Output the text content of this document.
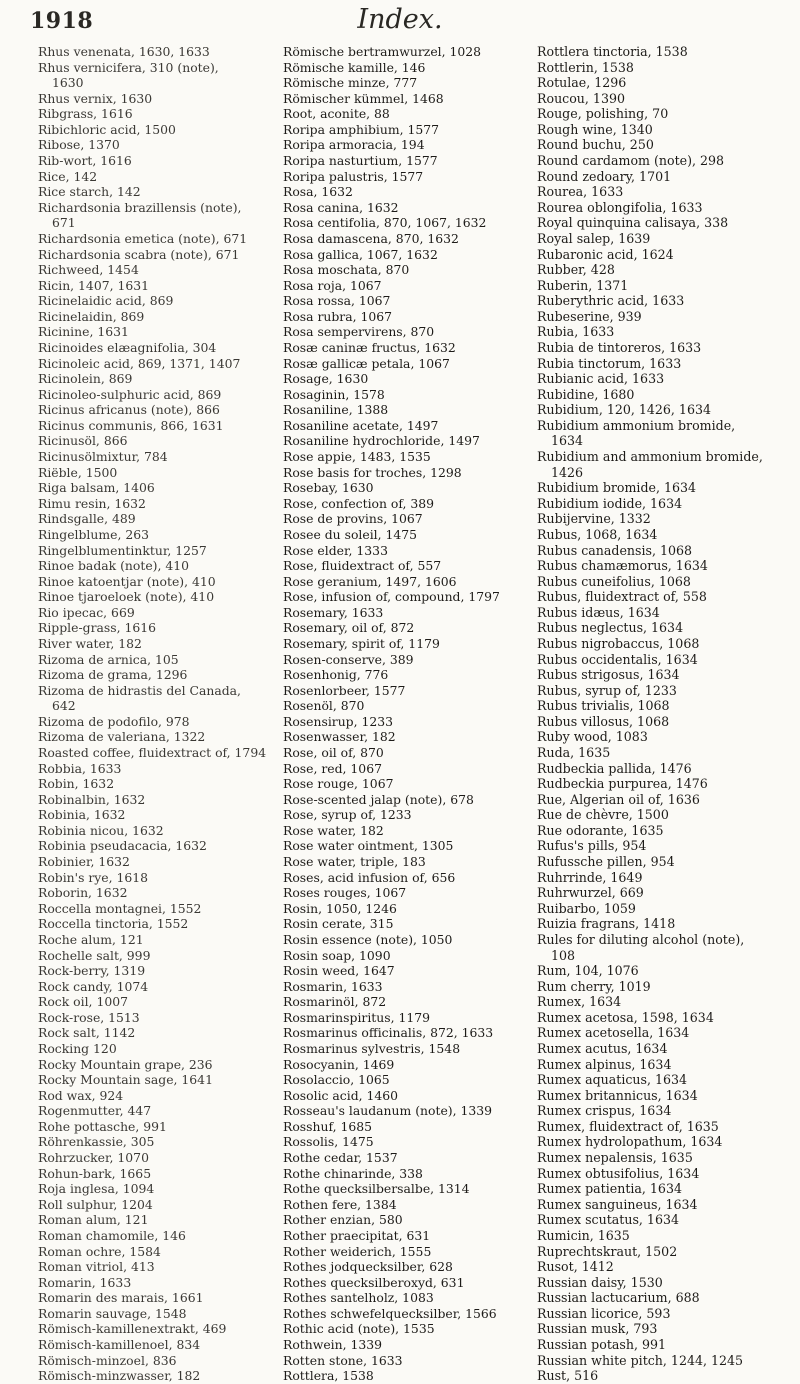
1918	Index.
Rhus venenata, 1630, 1633
Rhus vernicifera, 310 (note),
1630
Rhus vernix, 1630
Ribgrass, 1616
Ribichloric acid, 1500
Ribose, 1370
Rib-wort, 1616
Rice, 142
Rice starch, 142
Richardsonia brazillensis (note),
671
Richardsonia emetica (note), 671
Richardsonia scabra (note), 671
Richweed, 1454
Ricin, 1407, 1631
Ricinelaidic acid, 869
Ricinelaidin, 869
Ricinine, 1631
Ricinoides elæagnifolia, 304
Ricinoleic acid, 869, 1371, 1407
Ricinolein, 869
Ricinoleo-sulphuric acid, 869
Ricinus africanus (note), 866
Ricinus communis, 866, 1631
Ricinusöl, 866
Ricinusölmixtur, 784
Riëble, 1500
Riga balsam, 1406
Rimu resin, 1632
Rindsgalle, 489
Ringelblume, 263
Ringelblumentinktur, 1257
Rinoe badak (note), 410
Rinoe katoentjar (note), 410
Rinoe tjaroeloek (note), 410
Rio ipecac, 669
Ripple-grass, 1616
River water, 182
Rizoma de arnica, 105
Rizoma de grama, 1296
Rizoma de hidrastis del Canada,
642
Rizoma de podofilo, 978
Rizoma de valeriana, 1322
Roasted coffee, fluidextract of, 1794
Robbia, 1633
Robin, 1632
Robinalbin, 1632
Robinia, 1632
Robinia nicou, 1632
Robinia pseudacacia, 1632
Robinier, 1632
Robin's rye, 1618
Roborin, 1632
Roccella montagnei, 1552
Roccella tinctoria, 1552
Roche alum, 121
Rochelle salt, 999
Rock-berry, 1319
Rock candy, 1074
Rock oil, 1007
Rock-rose, 1513
Rock salt, 1142
Rocking 120
Rocky Mountain grape, 236
Rocky Mountain sage, 1641
Rod wax, 924
Rogenmutter, 447
Rohe pottasche, 991
Röhrenkassie, 305
Rohrzucker, 1070
Rohun-bark, 1665
Roja inglesa, 1094
Roll sulphur, 1204
Roman alum, 121
Roman chamomile, 146
Roman ochre, 1584
Roman vitriol, 413
Romarin, 1633
Romarin des marais, 1661
Romarin sauvage, 1548
Römisch-kamillenextrakt, 469
Römisch-kamillenoel, 834
Römisch-minzoel, 836
Römisch-minzwasser, 182
Römische bertramwurzel, 1028
Römische kamille, 146
Römische minze, 777
Römischer kümmel, 1468
Root, aconite, 88
Roripa amphibium, 1577
Roripa armoracia, 194
Roripa nasturtium, 1577
Roripa palustris, 1577
Rosa, 1632
Rosa canina, 1632
Rosa centifolia, 870, 1067, 1632
Rosa damascena, 870, 1632
Rosa gallica, 1067, 1632
Rosa moschata, 870
Rosa roja, 1067
Rosa rossa, 1067
Rosa rubra, 1067
Rosa sempervirens, 870
Rosæ caninæ fructus, 1632
Rosæ gallicæ petala, 1067
Rosage, 1630
Rosaginin, 1578
Rosaniline, 1388
Rosaniline acetate, 1497
Rosaniline hydrochloride, 1497
Rose appie, 1483, 1535
Rose basis for troches, 1298
Rosebay, 1630
Rose, confection of, 389
Rose de provins, 1067
Rosee du soleil, 1475
Rose elder, 1333
Rose, fluidextract of, 557
Rose geranium, 1497, 1606
Rose, infusion of, compound, 1797
Rosemary, 1633
Rosemary, oil of, 872
Rosemary, spirit of, 1179
Rosen-conserve, 389
Rosenhonig, 776
Rosenlorbeer, 1577
Rosenöl, 870
Rosensirup, 1233
Rosenwasser, 182
Rose, oil of, 870
Rose, red, 1067
Rose rouge, 1067
Rose-scented jalap (note), 678
Rose, syrup of, 1233
Rose water, 182
Rose water ointment, 1305
Rose water, triple, 183
Roses, acid infusion of, 656
Roses rouges, 1067
Rosin, 1050, 1246
Rosin cerate, 315
Rosin essence (note), 1050
Rosin soap, 1090
Rosin weed, 1647
Rosmarin, 1633
Rosmarinöl, 872
Rosmarinspiritus, 1179
Rosmarinus officinalis, 872, 1633
Rosmarinus sylvestris, 1548
Rosocyanin, 1469
Rosolaccio, 1065
Rosolic acid, 1460
Rosseau's laudanum (note), 1339
Rosshuf, 1685
Rossolis, 1475
Rothe cedar, 1537
Rothe chinarinde, 338
Rothe quecksilbersalbe, 1314
Rothen fere, 1384
Rother enzian, 580
Rother praecipitat, 631
Rother weiderich, 1555
Rothes jodquecksilber, 628
Rothes quecksilberoxyd, 631
Rothes santelholz, 1083
Rothes schwefelquecksilber, 1566
Rothic acid (note), 1535
Rothwein, 1339
Rotten stone, 1633
Rottlera, 1538
Rottlera tinctoria, 1538
Rottlerin, 1538
Rotulae, 1296
Roucou, 1390
Rouge, polishing, 70
Rough wine, 1340
Round buchu, 250
Round cardamom (note), 298
Round zedoary, 1701
Rourea, 1633
Rourea oblongifolia, 1633
Royal quinquina calisaya, 338
Royal salep, 1639
Rubaronic acid, 1624
Rubber, 428
Ruberin, 1371
Ruberythric acid, 1633
Rubeserine, 939
Rubia, 1633
Rubia de tintoreros, 1633
Rubia tinctorum, 1633
Rubianic acid, 1633
Rubidine, 1680
Rubidium, 120, 1426, 1634
Rubidium ammonium bromide,
1634
Rubidium and ammonium bromide,
1426
Rubidium bromide, 1634
Rubidium iodide, 1634
Rubijervine, 1332
Rubus, 1068, 1634
Rubus canadensis, 1068
Rubus chamæmorus, 1634
Rubus cuneifolius, 1068
Rubus, fluidextract of, 558
Rubus idæus, 1634
Rubus neglectus, 1634
Rubus nigrobaccus, 1068
Rubus occidentalis, 1634
Rubus strigosus, 1634
Rubus, syrup of, 1233
Rubus trivialis, 1068
Rubus villosus, 1068
Ruby wood, 1083
Ruda, 1635
Rudbeckia pallida, 1476
Rudbeckia purpurea, 1476
Rue, Algerian oil of, 1636
Rue de chèvre, 1500
Rue odorante, 1635
Rufus's pills, 954
Rufussche pillen, 954
Ruhrrinde, 1649
Ruhrwurzel, 669
Ruibarbo, 1059
Ruizia fragrans, 1418
Rules for diluting alcohol (note),
108
Rum, 104, 1076
Rum cherry, 1019
Rumex, 1634
Rumex acetosa, 1598, 1634
Rumex acetosella, 1634
Rumex acutus, 1634
Rumex alpinus, 1634
Rumex aquaticus, 1634
Rumex britannicus, 1634
Rumex crispus, 1634
Rumex, fluidextract of, 1635
Rumex hydrolopathum, 1634
Rumex nepalensis, 1635
Rumex obtusifolius, 1634
Rumex patientia, 1634
Rumex sanguineus, 1634
Rumex scutatus, 1634
Rumicin, 1635
Ruprechtskraut, 1502
Rusot, 1412
Russian daisy, 1530
Russian lactucarium, 688
Russian licorice, 593
Russian musk, 793
Russian potash, 991
Russian white pitch, 1244, 1245
Rust, 516
